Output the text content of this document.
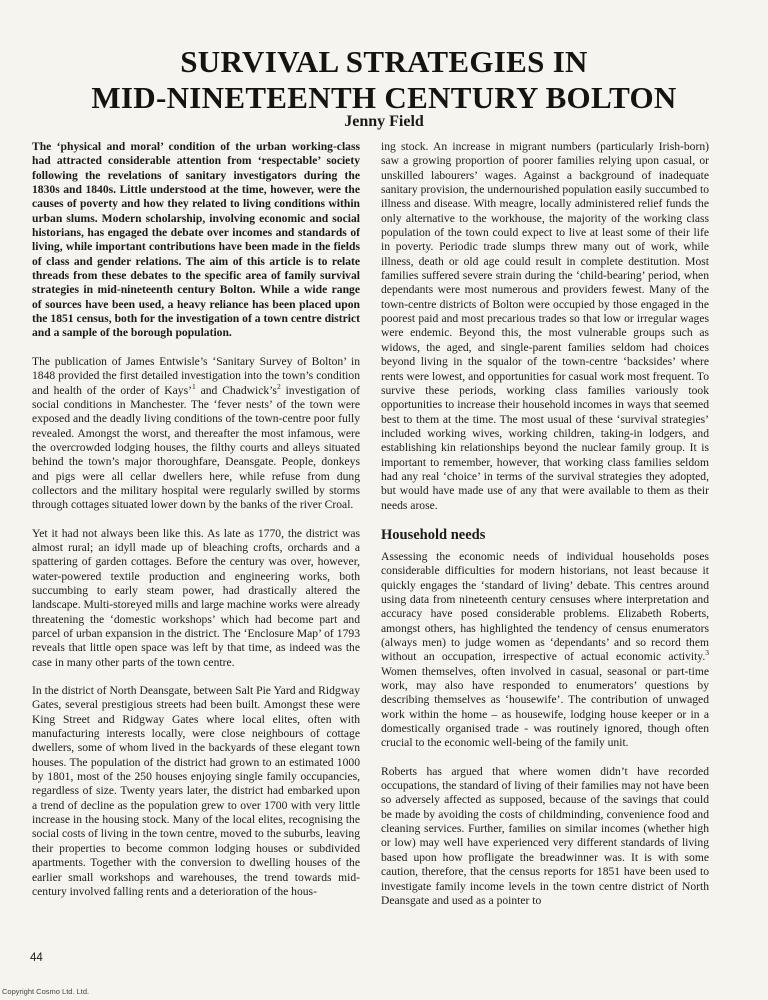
SURVIVAL STRATEGIES IN
MID-NINETEENTH CENTURY BOLTON
Jenny Field

The ‘physical and moral’ condition of the urban working-class had attracted considerable attention from ‘respectable’ society following the revelations of sanitary investigators during the 1830s and 1840s. Little understood at the time, however, were the causes of poverty and how they related to living conditions within urban slums. Modern scholarship, involving economic and social historians, has engaged the debate over incomes and standards of living, while important contributions have been made in the fields of class and gender relations. The aim of this article is to relate threads from these debates to the specific area of family survival strategies in mid-nineteenth century Bolton. While a wide range of sources have been used, a heavy reliance has been placed upon the 1851 census, both for the investigation of a town centre district and a sample of the borough population.

The publication of James Entwisle’s ‘Sanitary Survey of Bolton’ in 1848 provided the first detailed investigation into the town’s condition and health of the order of Kays’$^1$ and $Chadwick’s^2$ investigation of social conditions in Manchester. The ‘fever nests’ of the town were exposed and the deadly living conditions of the town-centre poor fully revealed. Amongst the worst, and thereafter the most infamous, were the overcrowded lodging houses, the filthy courts and alleys situated behind the town’s major thoroughfare, Deansgate. People, donkeys and pigs were all cellar dwellers here, while refuse from dung collectors and the military hospital were regularly swilled by storms through cottages situated lower down by the banks of the river Croal.

Yet it had not always been like this. As late as 1770, the district was almost rural; an idyll made up of bleaching crofts, orchards and a spattering of garden cottages. Before the century was over, however, water-powered textile production and engineering works, both succumbing to early steam power, had drastically altered the landscape. Multi-storeyed mills and large machine works were already threatening the ‘domestic workshops’ which had become part and parcel of urban expansion in the district. The ‘Enclosure Map’ of 1793 reveals that little open space was left by that time, as indeed was the case in many other parts of the town centre.

In the district of North Deansgate, between Salt Pie Yard and Ridgway Gates, several prestigious streets had been built. Amongst these were King Street and Ridgway Gates where local elites, often with manufacturing interests locally, were close neighbours of cottage dwellers, some of whom lived in the backyards of these elegant town houses. The population of the district had grown to an estimated 1000 by 1801, most of the 250 houses enjoying single family occupancies, regardless of size. Twenty years later, the district had embarked upon a trend of decline as the population grew to over 1700 with very little increase in the housing stock. Many of the local elites, recognising the social costs of living in the town centre, moved to the suburbs, leaving their properties to become common lodging houses or subdivided apartments. Together with the conversion to dwelling houses of the earlier small workshops and warehouses, the trend towards mid-century involved falling rents and a deterioration of the hous-

ing stock. An increase in migrant numbers (particularly Irish-born) saw a growing proportion of poorer families relying upon casual, or unskilled labourers’ wages. Against a background of inadequate sanitary provision, the undernourished population easily succumbed to illness and disease. With meagre, locally administered relief funds the only alternative to the workhouse, the majority of the working class population of the town could expect to live at least some of their life in poverty. Periodic trade slumps threw many out of work, while illness, death or old age could result in complete destitution. Most families suffered severe strain during the ‘child-bearing’ period, when dependants were most numerous and providers fewest. Many of the town-centre districts of Bolton were occupied by those engaged in the poorest paid and most precarious trades so that low or irregular wages were endemic. Beyond this, the most vulnerable groups such as widows, the aged, and single-parent families seldom had choices beyond living in the squalor of the town-centre ‘backsides’ where rents were lowest, and opportunities for casual work most frequent. To survive these periods, working class families variously took opportunities to increase their household incomes in ways that seemed best to them at the time. The most usual of these ‘survival strategies’ included working wives, working children, taking-in lodgers, and establishing kin relationships beyond the nuclear family group. It is important to remember, however, that working class families seldom had any real ‘choice’ in terms of the survival strategies they adopted, but would have made use of any that were available to them as their needs arose.

Household needs

Assessing the economic needs of individual households poses considerable difficulties for modern historians, not least because it quickly engages the ‘standard of living’ debate. This centres around using data from nineteenth century censuses where interpretation and accuracy have posed considerable problems. Elizabeth Roberts, amongst others, has highlighted the tendency of census enumerators (always men) to judge women as ‘dependants’ and so record them without an occupation, irrespective of actual economic activity.$^3$ Women themselves, often involved in casual, seasonal or part-time work, may also have responded to enumerators’ questions by describing themselves as ‘housewife’. The contribution of unwaged work within the home – as housewife, lodging house keeper or in a domestically organised trade - was routinely ignored, though often crucial to the economic well-being of the family unit.

Roberts has argued that where women didn’t have recorded occupations, the standard of living of their families may not have been so adversely affected as supposed, because of the savings that could be made by avoiding the costs of childminding, convenience food and cleaning services. Further, families on similar incomes (whether high or low) may well have experienced very different standards of living based upon how profligate the breadwinner was. It is with some caution, therefore, that the census reports for 1851 have been used to investigate family income levels in the town centre district of North Deansgate and used as a pointer to

44
Copyright Cosmo Ltd. Ltd.
